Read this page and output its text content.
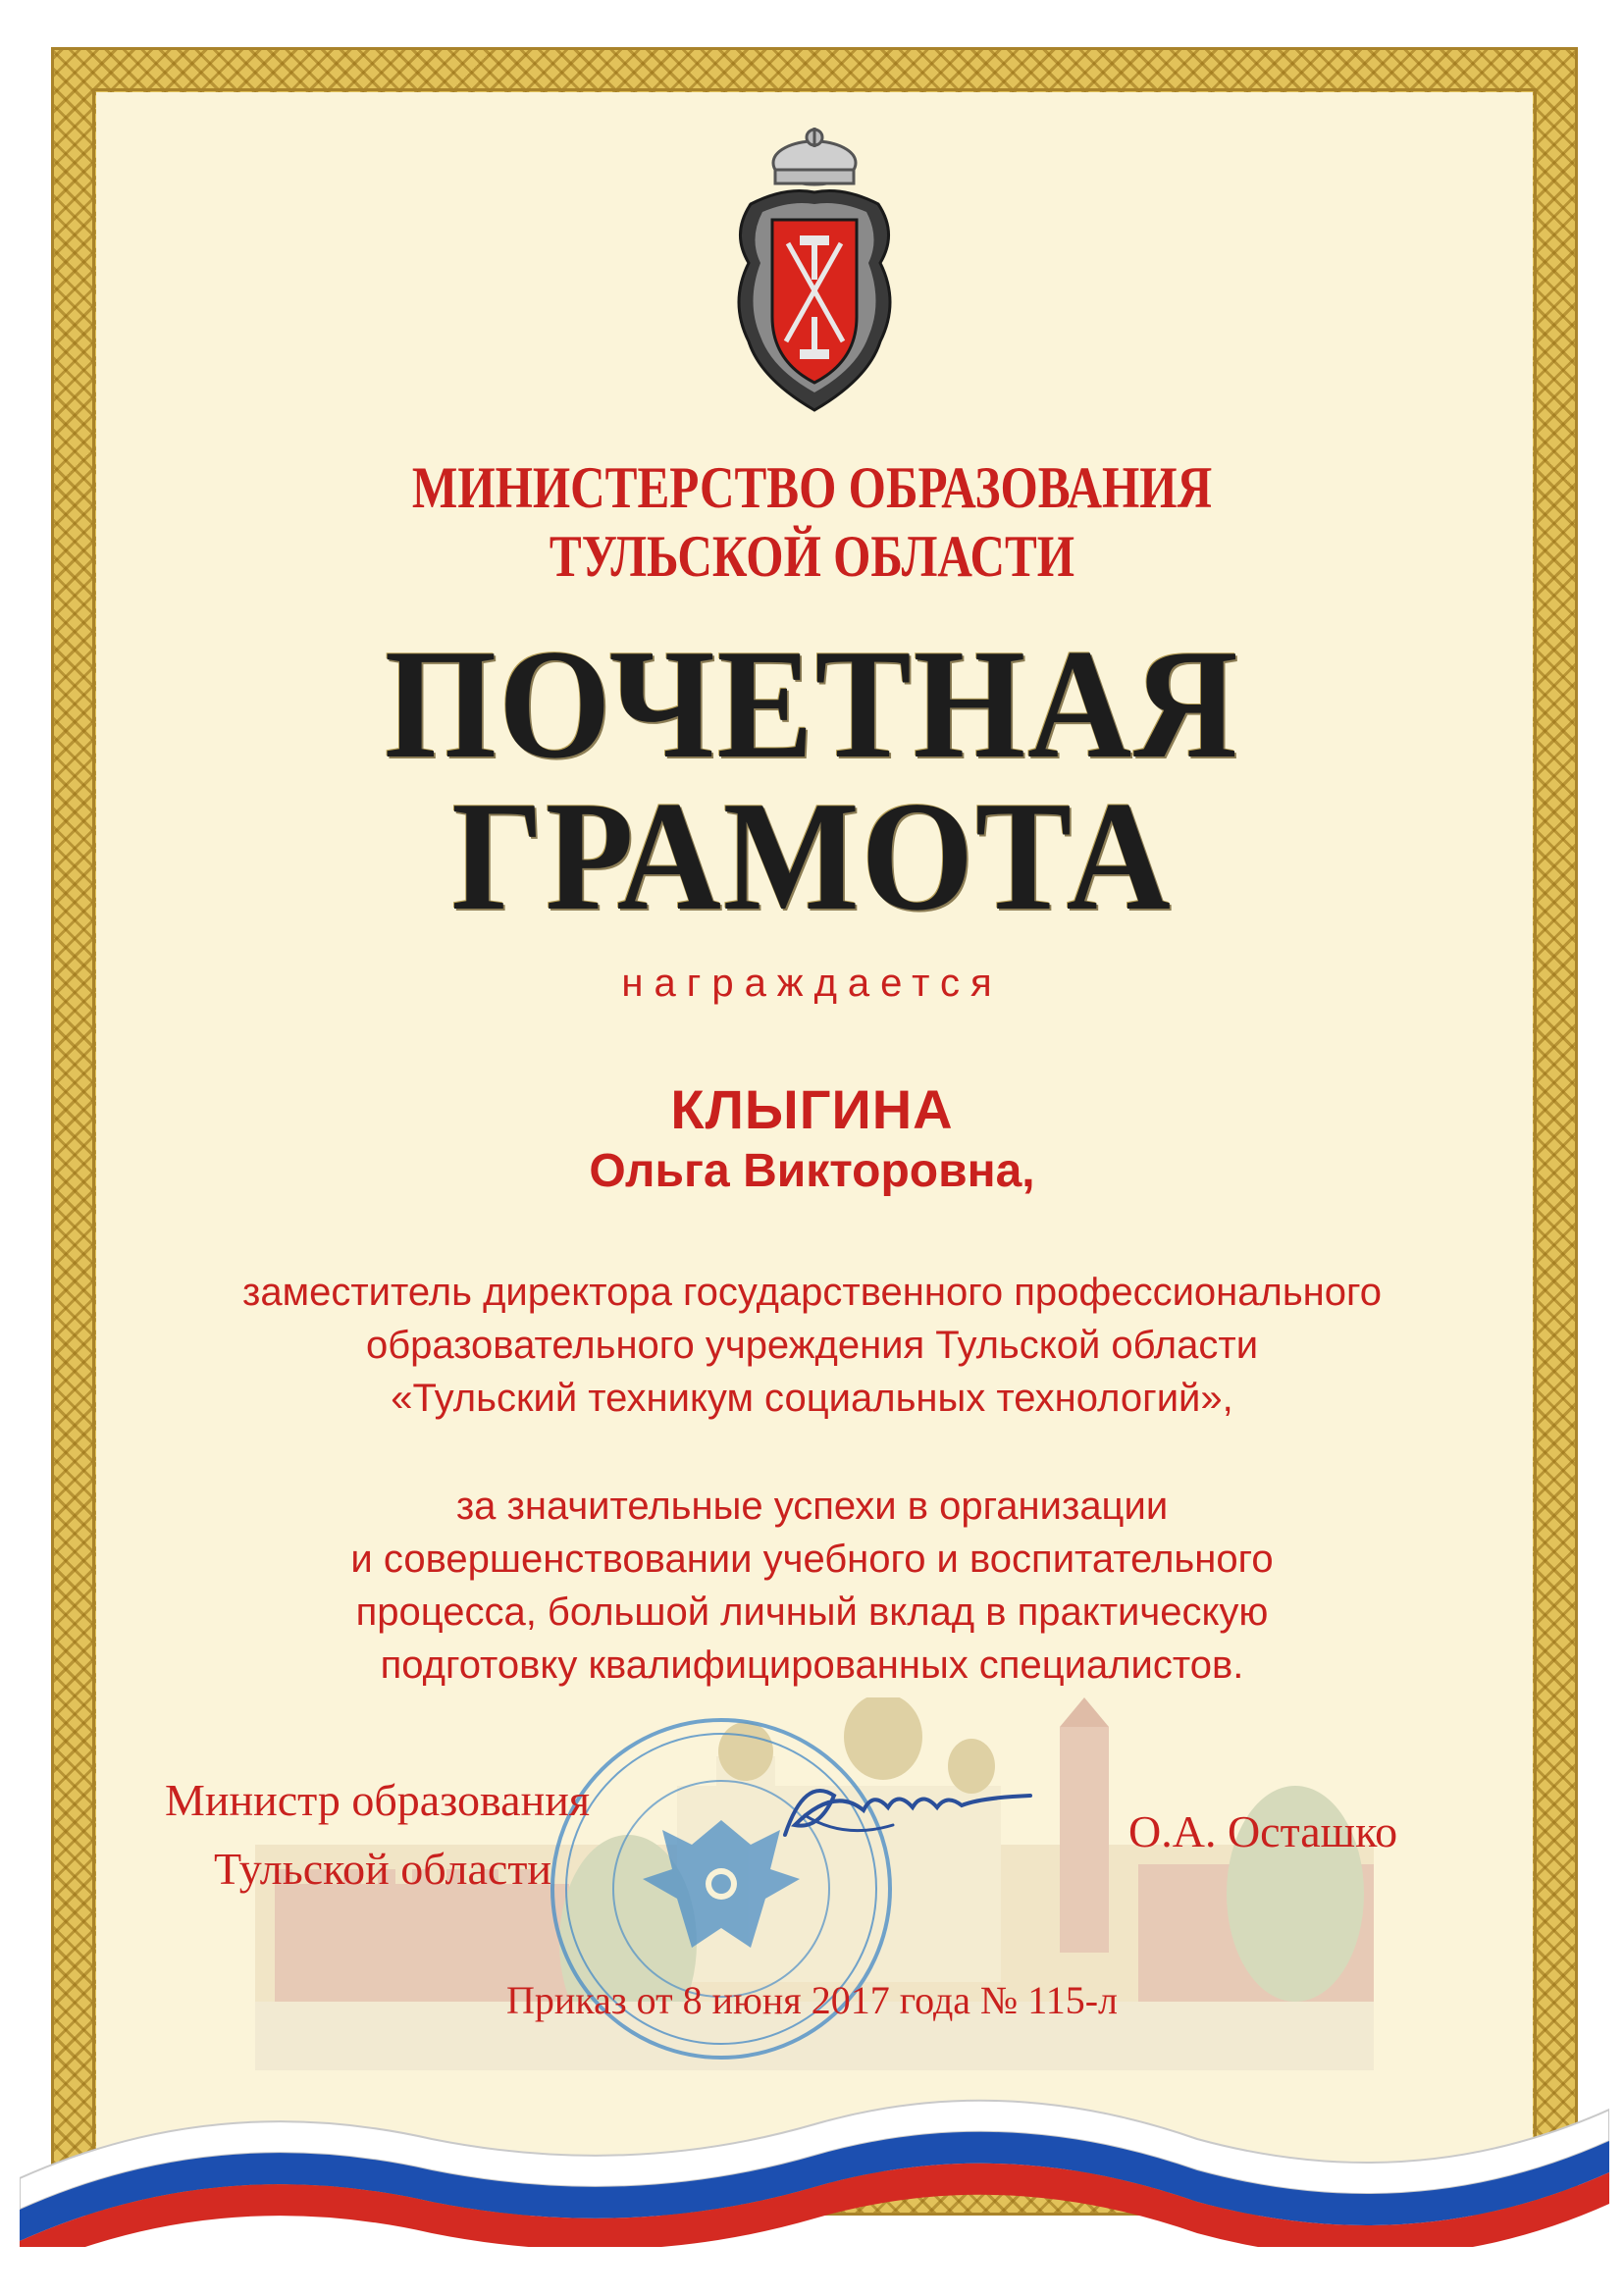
МИНИСТЕРСТВО ОБРАЗОВАНИЯ
ТУЛЬСКОЙ ОБЛАСТИ
ПОЧЕТНАЯ
ГРАМОТА
награждается
КЛЫГИНА
Ольга Викторовна,
заместитель директора государственного профессионального
образовательного учреждения Тульской области
«Тульский техникум социальных технологий»,
за значительные успехи в организации
и совершенствовании учебного и воспитательного
процесса, большой личный вклад в практическую
подготовку квалифицированных специалистов.
Министр образования
Тульской области
О.А. Осташко
Приказ от 8 июня 2017 года № 115-л
